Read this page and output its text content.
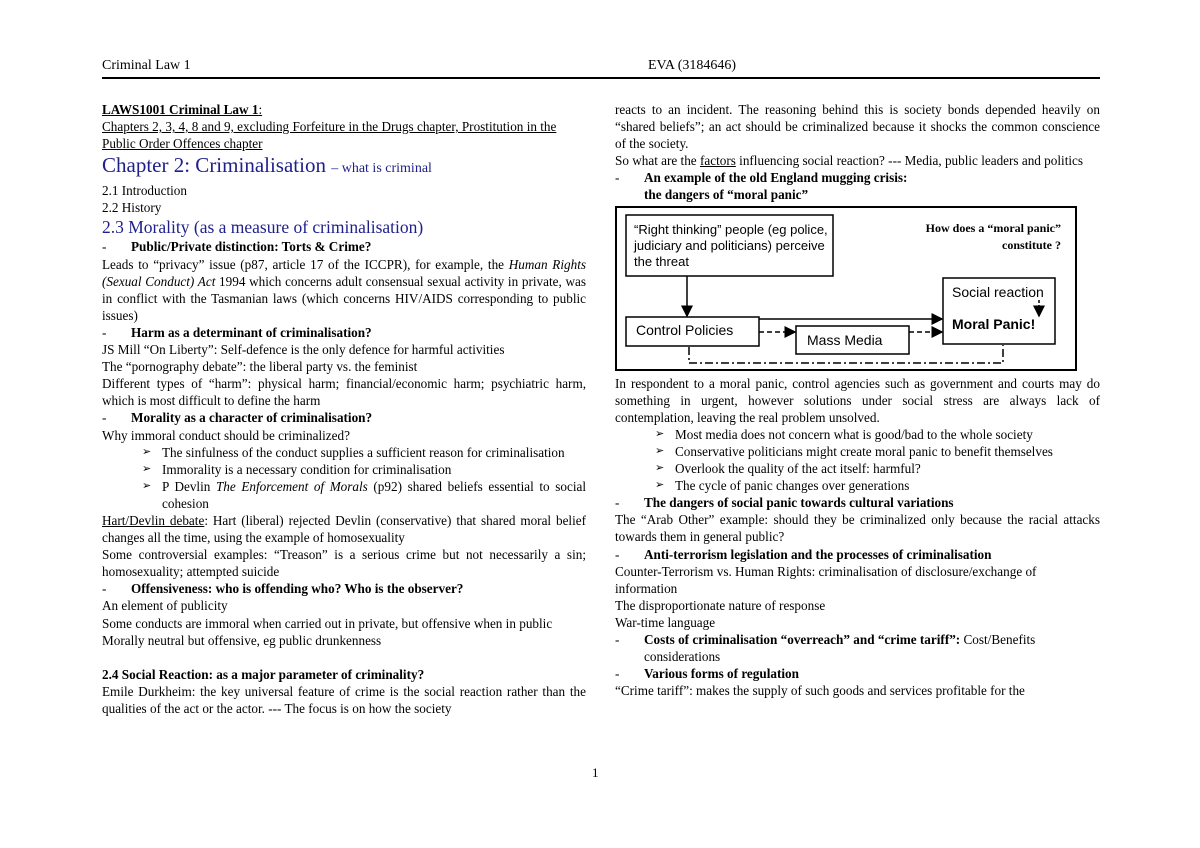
Criminal Law 1	EVA (3184646)

LAWS1001 Criminal Law 1:

Chapters 2, 3, 4, 8 and 9, excluding Forfeiture in the Drugs chapter, Prostitution in the Public Order Offences chapter

Chapter 2: Criminalisation – what is criminal

2.1 Introduction

2.2 History

2.3 Morality (as a measure of criminalisation)

-	Public/Private distinction: Torts & Crime?

Leads to “privacy” issue (p87, article 17 of the ICCPR), for example, the Human Rights (Sexual Conduct) Act 1994 which concerns adult consensual sexual activity in private, was in conflict with the Tasmanian laws (which concerns HIV/AIDS corresponding to public issues)

-	Harm as a determinant of criminalisation?

JS Mill “On Liberty”: Self-defence is the only defence for harmful activities

The “pornography debate”: the liberal party vs. the feminist

Different types of “harm”: physical harm; financial/economic harm; psychiatric harm, which is most difficult to define the harm

-	Morality as a character of criminalisation?

Why immoral conduct should be criminalized?

➢ The sinfulness of the conduct supplies a sufficient reason for criminalisation
➢ Immorality is a necessary condition for criminalisation
➢ P Devlin The Enforcement of Morals (p92) shared beliefs essential to social cohesion

Hart/Devlin debate: Hart (liberal) rejected Devlin (conservative) that shared moral belief changes all the time, using the example of homosexuality

Some controversial examples: “Treason” is a serious crime but not necessarily a sin; homosexuality; attempted suicide

-	Offensiveness: who is offending who? Who is the observer?

An element of publicity

Some conducts are immoral when carried out in private, but offensive when in public

Morally neutral but offensive, eg public drunkenness

2.4 Social Reaction: as a major parameter of criminality?

Emile Durkheim: the key universal feature of crime is the social reaction rather than the qualities of the act or the actor. --- The focus is on how the society

reacts to an incident. The reasoning behind this is society bonds depended heavily on “shared beliefs”; an act should be criminalized because it shocks the common conscience of the society.

So what are the factors influencing social reaction? --- Media, public leaders and politics

-	An example of the old England mugging crisis:
the dangers of “moral panic”
“Right thinking” people (eg police, judiciary and politicians) perceive the threat
How does a “moral panic”
constitute ?
Social reaction
Moral Panic!
Control Policies
Mass Media

In respondent to a moral panic, control agencies such as government and courts may do something in urgent, however solutions under social stress are always lack of contemplation, leaving the real problem unsolved.

➢ Most media does not concern what is good/bad to the whole society
➢ Conservative politicians might create moral panic to benefit themselves
➢ Overlook the quality of the act itself: harmful?
➢ The cycle of panic changes over generations
-	The dangers of social panic towards cultural variations

The “Arab Other” example: should they be criminalized only because the racial attacks towards them in general public?

-	Anti-terrorism legislation and the processes of criminalisation

Counter-Terrorism vs. Human Rights: criminalisation of disclosure/exchange of information

The disproportionate nature of response

War-time language

-	Costs of criminalisation “overreach” and “crime tariff”: Cost/Benefits considerations
-	Various forms of regulation

“Crime tariff”: makes the supply of such goods and services profitable for the

1
